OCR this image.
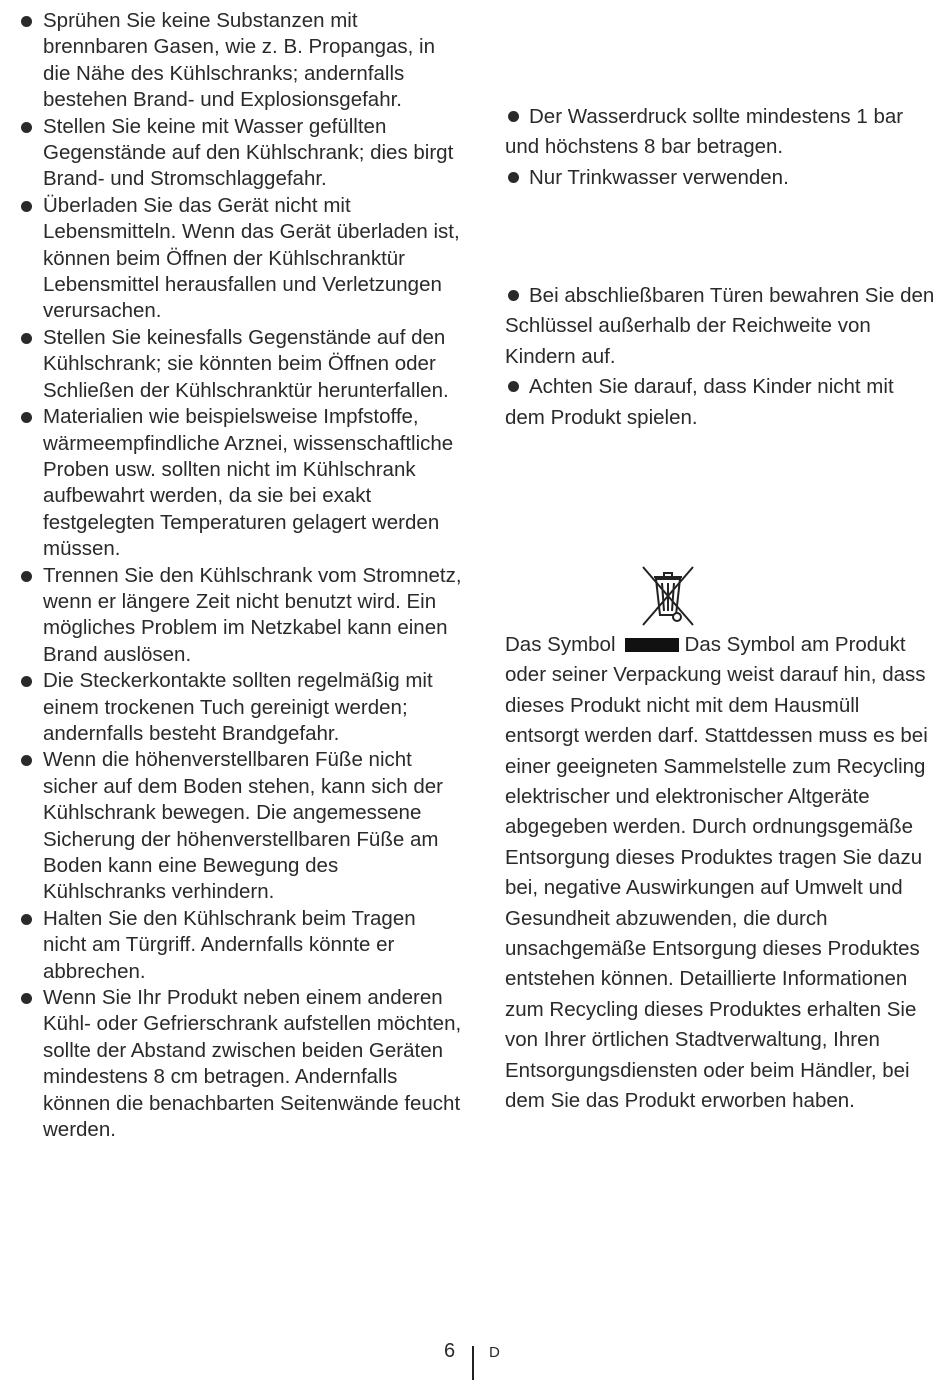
Sprühen Sie keine Substanzen mit brennbaren Gasen, wie z. B. Propangas, in die Nähe des Kühlschranks; andernfalls bestehen Brand- und Explosionsgefahr.
Stellen Sie keine mit Wasser gefüllten Gegenstände auf den Kühlschrank; dies birgt Brand- und Stromschlaggefahr.
Überladen Sie das Gerät nicht mit Lebensmitteln. Wenn das Gerät überladen ist, können beim Öffnen der Kühlschranktür Lebensmittel herausfallen und Verletzungen verursachen.
Stellen Sie keinesfalls Gegenstände auf den Kühlschrank; sie könnten beim Öffnen oder Schließen der Kühlschranktür herunterfallen.
Materialien wie beispielsweise Impfstoffe, wärmeempfindliche Arznei, wissenschaftliche Proben usw. sollten nicht im Kühlschrank aufbewahrt werden, da sie bei exakt festgelegten Temperaturen gelagert werden müssen.
Trennen Sie den Kühlschrank vom Stromnetz, wenn er längere Zeit nicht benutzt wird. Ein mögliches Problem im Netzkabel kann einen Brand auslösen.
Die Steckerkontakte sollten regelmäßig mit einem trockenen Tuch gereinigt werden; andernfalls besteht Brandgefahr.
Wenn die höhenverstellbaren Füße nicht sicher auf dem Boden stehen, kann sich der Kühlschrank bewegen. Die angemessene Sicherung der höhenverstellbaren Füße am Boden kann eine Bewegung des Kühlschranks verhindern.
Halten Sie den Kühlschrank beim Tragen nicht am Türgriff. Andernfalls könnte er abbrechen.
Wenn Sie Ihr Produkt neben einem anderen Kühl- oder Gefrierschrank aufstellen möchten, sollte der Abstand zwischen beiden Geräten mindestens 8 cm betragen. Andernfalls können die benachbarten Seitenwände feucht werden.

Der Wasserdruck sollte mindestens 1 bar und höchstens 8 bar betragen.

Nur Trinkwasser verwenden.

Bei abschließbaren Türen bewahren Sie den Schlüssel außerhalb der Reichweite von Kindern auf.

Achten Sie darauf, dass Kinder nicht mit dem Produkt spielen.

Das Symbol	Das Symbol am Produkt oder seiner Verpackung weist darauf hin, dass dieses Produkt nicht mit dem Hausmüll entsorgt werden darf. Stattdessen muss es bei einer geeigneten Sammelstelle zum Recycling elektrischer und elektronischer Altgeräte abgegeben werden. Durch ordnungsgemäße Entsorgung dieses Produktes tragen Sie dazu bei, negative Auswirkungen auf Umwelt und Gesundheit abzuwenden, die durch unsachgemäße Entsorgung dieses Produktes entstehen können. Detaillierte Informationen zum Recycling dieses Produktes erhalten Sie von Ihrer örtlichen Stadtverwaltung, Ihren Entsorgungsdiensten oder beim Händler, bei dem Sie das Produkt erworben haben.

6 D
